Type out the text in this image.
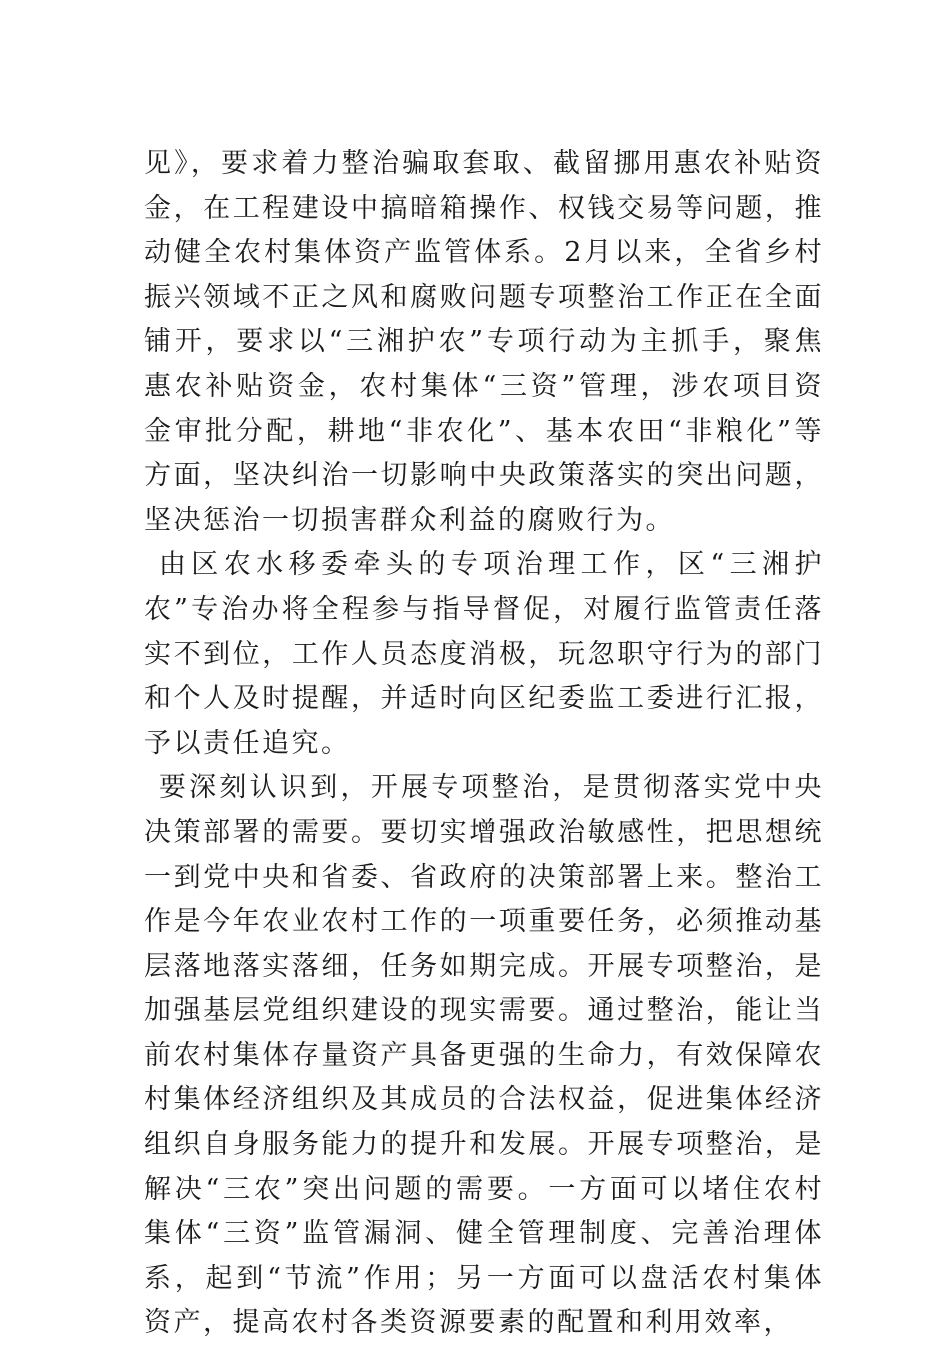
见》，要求着力整治骗取套取、截留挪用惠农补贴资金，在工程建设中搞暗箱操作、权钱交易等问题，推动健全农村集体资产监管体系。2月以来，全省乡村振兴领域不正之风和腐败问题专项整治工作正在全面铺开，要求以“三湘护农”专项行动为主抓手，聚焦惠农补贴资金，农村集体“三资”管理，涉农项目资金审批分配，耕地“非农化”、基本农田“非粮化”等方面，坚决纠治一切影响中央政策落实的突出问题，坚决惩治一切损害群众利益的腐败行为。

由区农水移委牵头的专项治理工作，区“三湘护农”专治办将全程参与指导督促，对履行监管责任落实不到位，工作人员态度消极，玩忽职守行为的部门和个人及时提醒，并适时向区纪委监工委进行汇报，予以责任追究。

要深刻认识到，开展专项整治，是贯彻落实党中央决策部署的需要。要切实增强政治敏感性，把思想统一到党中央和省委、省政府的决策部署上来。整治工作是今年农业农村工作的一项重要任务，必须推动基层落地落实落细，任务如期完成。开展专项整治，是加强基层党组织建设的现实需要。通过整治，能让当前农村集体存量资产具备更强的生命力，有效保障农村集体经济组织及其成员的合法权益，促进集体经济组织自身服务能力的提升和发展。开展专项整治，是解决“三农”突出问题的需要。一方面可以堵住农村集体“三资”监管漏洞、健全管理制度、完善治理体系，起到“节流”作用；另一方面可以盘活农村集体资产，提高农村各类资源要素的配置和利用效率，
